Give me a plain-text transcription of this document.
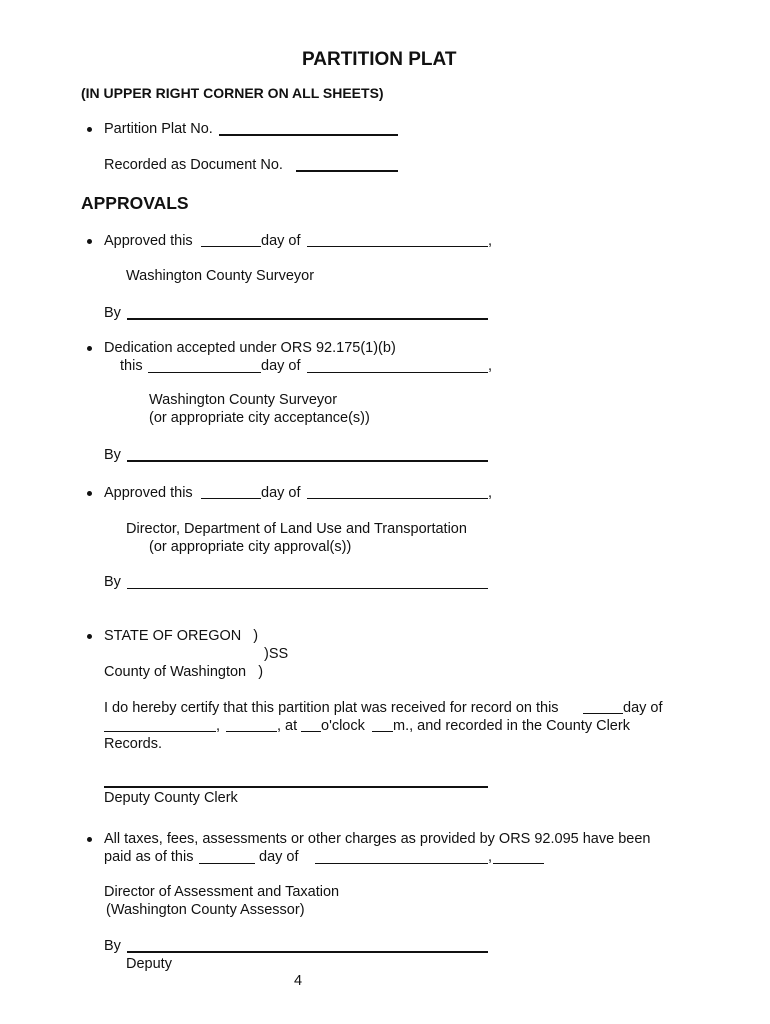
PARTITION PLAT
(IN UPPER RIGHT CORNER ON ALL SHEETS)
Partition Plat No.
Recorded as Document No.
APPROVALS
Approved this	day of	,
Washington County Surveyor
By
Dedication accepted under ORS 92.175(1)(b)
this	day of	,
Washington County Surveyor
(or appropriate city acceptance(s))
By
Approved this	day of	,
Director, Department of Land Use and Transportation
(or appropriate city approval(s))
By
STATE OF OREGON   )
)SS
County of Washington   )
I do hereby certify that this partition plat was received for record on this	day of
,	, at o'clock m., and recorded in the County Clerk
Records.
Deputy County Clerk
All taxes, fees, assessments or other charges as provided by ORS 92.095 have been
paid as of this	day of	,
Director of Assessment and Taxation
(Washington County Assessor)
By
Deputy
4
